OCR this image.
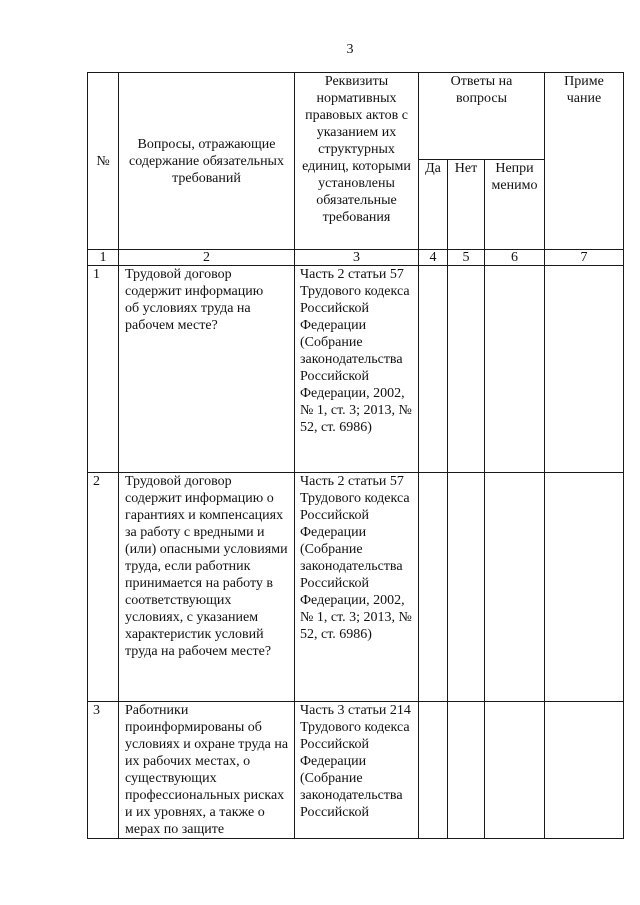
3
№	Вопросы, отражающие содержание обязательных требований	Реквизиты нормативных правовых актов с указанием их структурных единиц, которыми установлены обязательные требования	Ответы на вопросы			Приме чание

			Да	Нет	Непри менимо	

1	2	3	4	5	6	7
1	Трудовой договор содержит информацию об условиях труда на рабочем месте?	Часть 2 статьи 57 Трудового кодекса Российской Федерации (Собрание законодательства Российской Федерации, 2002, № 1, ст. 3; 2013, № 52, ст. 6986)				

2	Трудовой договор содержит информацию о гарантиях и компенсациях за работу с вредными и (или) опасными условиями труда, если работник принимается на работу в соответствующих условиях, с указанием характеристик условий труда на рабочем месте?	Часть 2 статьи 57 Трудового кодекса Российской Федерации (Собрание законодательства Российской Федерации, 2002, № 1, ст. 3; 2013, № 52, ст. 6986)				

3	Работники проинформированы об условиях и охране труда на их рабочих местах, о существующих профессиональных рисках и их уровнях, а также о мерах по защите	Часть 3 статьи 214 Трудового кодекса Российской Федерации (Собрание законодательства Российской				
